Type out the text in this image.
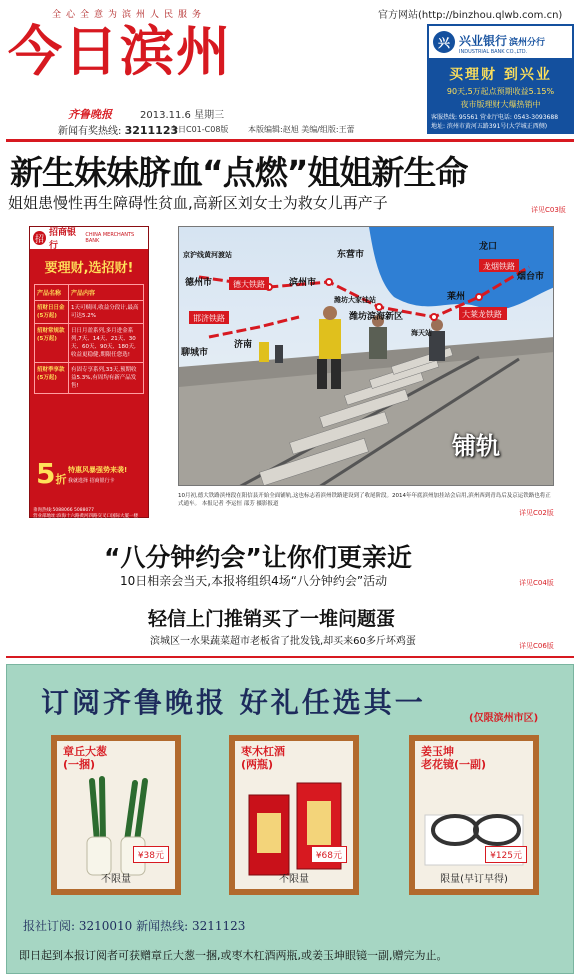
全心全意为滨州人民服务	官方网站(http://binzhou.qlwb.com.cn)
今日滨州
齐鲁晚报	2013.11.6 星期三
新闻有奖热线: 3211123
今日C01-C08版 本版编辑:赵旭 美编/组版:王蕾
兴 兴业银行 滨州分行
INDUSTRIAL BANK CO.,LTD.
买理财 到兴业
90天,5万起点预期收益5.15%
夜市版理财大爆热销中
客服热线: 95561 营业厅电话: 0543-3093688
地址: 滨州市黄河五路391号(大学城正西侧)
新生妹妹脐血“点燃”姐姐新生命
姐姐患慢性再生障碍性贫血,高新区刘女士为救女儿再产子	详见C03版
招
招商银行
CHINA MERCHANTS BANK
要理财,选招财!
产品名称	产品内容
招财日日金(5万起)	1天可赎回,收益分段计,最高可达5.2%
招财常规款(5万起)	日日月盈系列,多月进金系列,7天、14天、21天、30天、60天、90天、180天,收益更稳健,期限任您选!
招财季享款(5万起)	有固专享系列,33天,预期收益5.3%,有周均有新产品发售!
5折
特惠风暴强势来袭!
我就选择 招商银行卡
垂询热线:5088066 5088077
营业部地址:滨海十六路黄河四路交叉口国际大厦一楼
京沪线黄河渡站
德州市	滨州市
东营市
龙口
烟台市
济南
潍坊大家洼站
潍坊滨海新区
莱州
海天站
聊城市
德大铁路
龙烟铁路
邯济铁路	大莱龙铁路
铺轨
10月初,德大铁路滨州段在阳信县开始全面铺轨,这也标志着滨州铁路建设到了收尾阶段。2014年年底滨州加挂站会启用,滨州西到青岛后及京运铁路也将正式通车。 本报记者 李运恒 邵芳 摄影报道
详见C02版
“八分钟约会”让你们更亲近
10日相亲会当天,本报将组织4场“八分钟约会”活动	详见C04版
轻信上门推销买了一堆问题蛋
滨城区一水果蔬菜超市老板省了批发钱,却买来60多斤坏鸡蛋	详见C06版
订阅齐鲁晚报 好礼任选其一	(仅限滨州市区)
章丘大葱
(一捆)
¥38元
不限量
枣木杠酒
(两瓶)
¥68元
不限量
姜玉坤
老花镜(一副)
¥125元
限量(早订早得)
报社订阅: 3210010 新闻热线: 3211123
即日起到本报订阅者可获赠章丘大葱一捆,或枣木杠酒两瓶,或姜玉坤眼镜一副,赠完为止。
